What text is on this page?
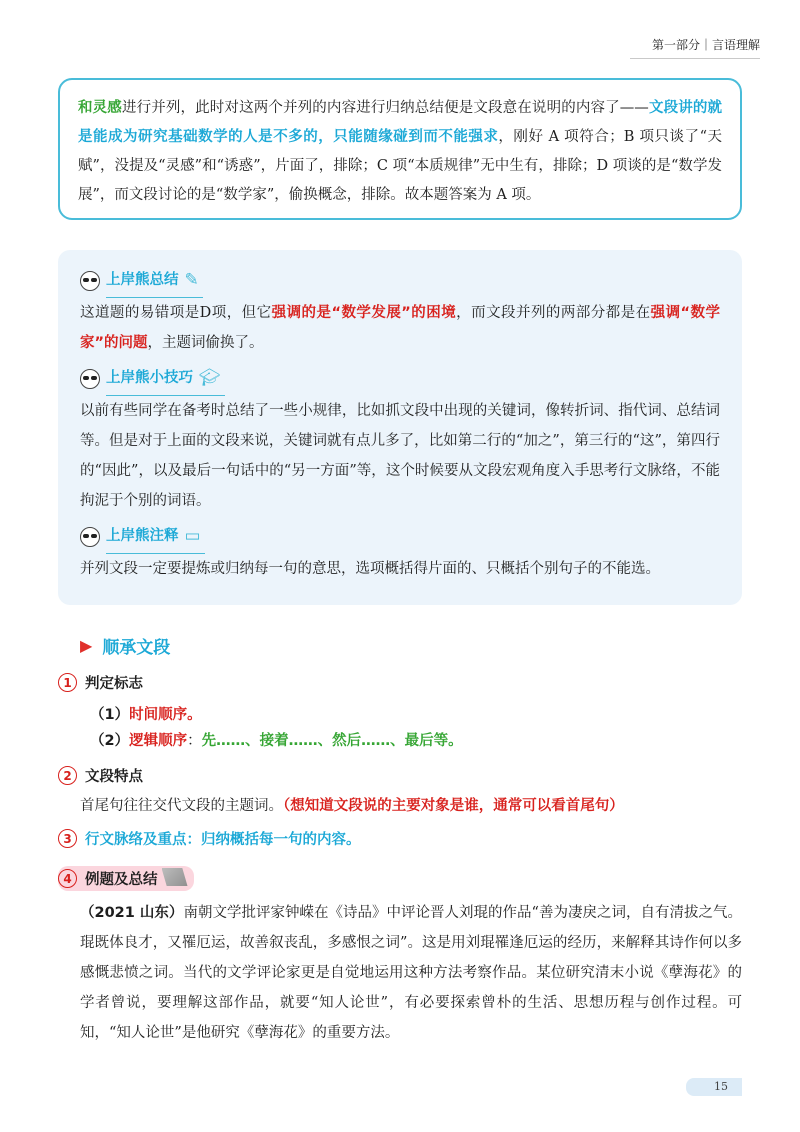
第一部分｜言语理解
和灵感进行并列，此时对这两个并列的内容进行归纳总结便是文段意在说明的内容了——文段讲的就是能成为研究基础数学的人是不多的，只能随缘碰到而不能强求，刚好 A 项符合；B 项只谈了“天赋”，没提及“灵感”和“诱惑”，片面了，排除；C 项“本质规律”无中生有，排除；D 项谈的是“数学发展”，而文段讨论的是“数学家”，偷换概念，排除。故本题答案为 A 项。
上岸熊总结 ✎
这道题的易错项是D项，但它强调的是“数学发展”的困境，而文段并列的两部分都是在强调“数学家”的问题，主题词偷换了。
上岸熊小技巧 🎓︎
以前有些同学在备考时总结了一些小规律，比如抓文段中出现的关键词，像转折词、指代词、总结词等。但是对于上面的文段来说，关键词就有点儿多了，比如第二行的“加之”，第三行的“这”，第四行的“因此”，以及最后一句话中的“另一方面”等，这个时候要从文段宏观角度入手思考行文脉络，不能拘泥于个别的词语。
上岸熊注释 ▭
并列文段一定要提炼或归纳每一句的意思，选项概括得片面的、只概括个别句子的不能选。
▶ 顺承文段
1 判定标志
（1）时间顺序。
（2）逻辑顺序：先……、接着……、然后……、最后等。
2 文段特点
首尾句往往交代文段的主题词。（想知道文段说的主要对象是谁，通常可以看首尾句）
3 行文脉络及重点：归纳概括每一句的内容。
4 例题及总结
（2021 山东）南朝文学批评家钟嵘在《诗品》中评论晋人刘琨的作品“善为凄戾之词，自有清拔之气。琨既体良才，又罹厄运，故善叙丧乱，多感恨之词”。这是用刘琨罹逢厄运的经历，来解释其诗作何以多感慨悲愤之词。当代的文学评论家更是自觉地运用这种方法考察作品。某位研究清末小说《孽海花》的学者曾说，要理解这部作品，就要“知人论世”，有必要探索曾朴的生活、思想历程与创作过程。可知，“知人论世”是他研究《孽海花》的重要方法。
15
